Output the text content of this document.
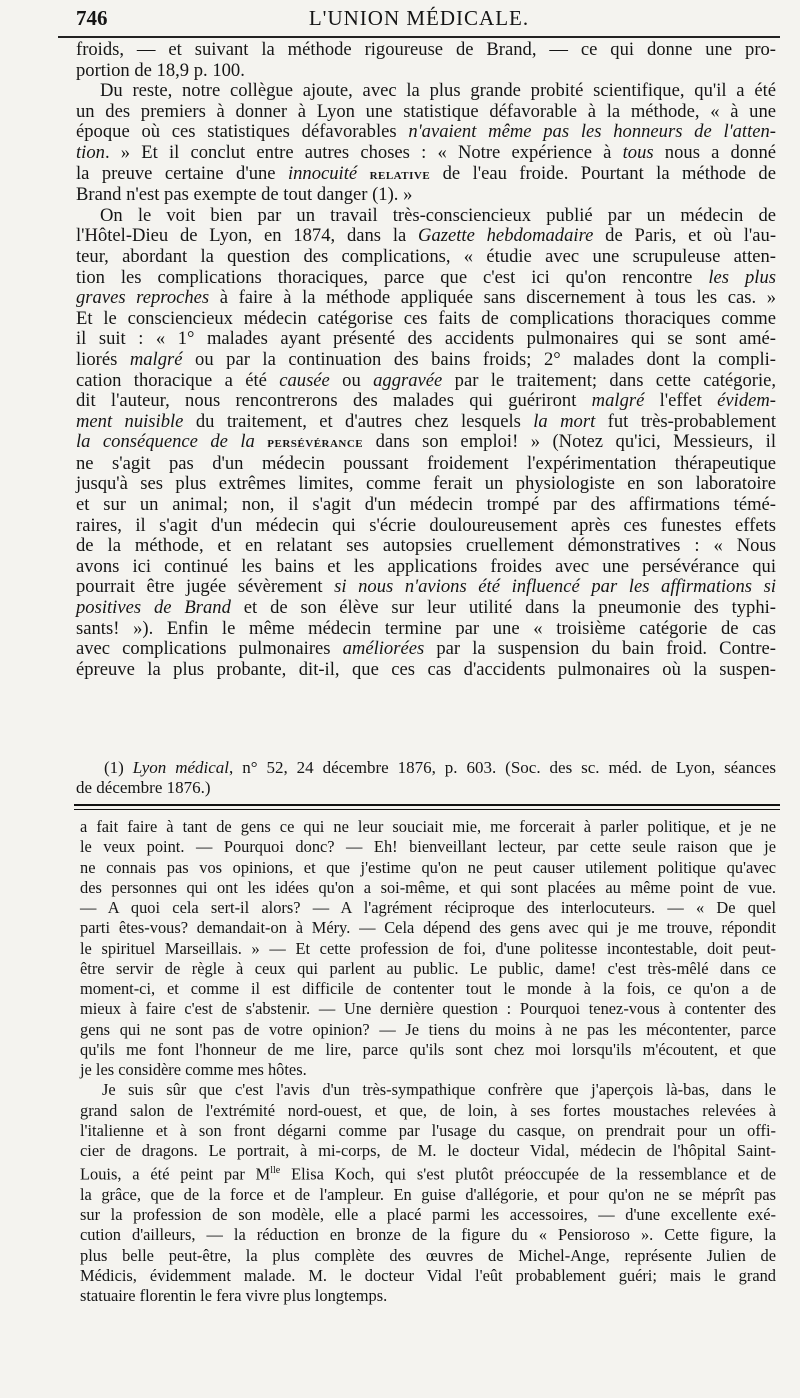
746	L'UNION MÉDICALE.
froids, — et suivant la méthode rigoureuse de Brand, — ce qui donne une pro-
portion de 18,9 p. 100.
Du reste, notre collègue ajoute, avec la plus grande probité scientifique, qu'il a été
un des premiers à donner à Lyon une statistique défavorable à la méthode, « à une
époque où ces statistiques défavorables n'avaient même pas les honneurs de l'atten-
tion. » Et il conclut entre autres choses : « Notre expérience à tous nous a donné
la preuve certaine d'une innocuité relative de l'eau froide. Pourtant la méthode de
Brand n'est pas exempte de tout danger (1). »
On le voit bien par un travail très-consciencieux publié par un médecin de
l'Hôtel-Dieu de Lyon, en 1874, dans la Gazette hebdomadaire de Paris, et où l'au-
teur, abordant la question des complications, « étudie avec une scrupuleuse atten-
tion les complications thoraciques, parce que c'est ici qu'on rencontre les plus
graves reproches à faire à la méthode appliquée sans discernement à tous les cas. »
Et le consciencieux médecin catégorise ces faits de complications thoraciques comme
il suit : « 1° malades ayant présenté des accidents pulmonaires qui se sont amé-
liorés malgré ou par la continuation des bains froids; 2° malades dont la compli-
cation thoracique a été causée ou aggravée par le traitement; dans cette catégorie,
dit l'auteur, nous rencontrerons des malades qui guériront malgré l'effet évidem-
ment nuisible du traitement, et d'autres chez lesquels la mort fut très-probablement
la conséquence de la persévérance dans son emploi! » (Notez qu'ici, Messieurs, il
ne s'agit pas d'un médecin poussant froidement l'expérimentation thérapeutique
jusqu'à ses plus extrêmes limites, comme ferait un physiologiste en son laboratoire
et sur un animal; non, il s'agit d'un médecin trompé par des affirmations témé-
raires, il s'agit d'un médecin qui s'écrie douloureusement après ces funestes effets
de la méthode, et en relatant ses autopsies cruellement démonstratives : « Nous
avons ici continué les bains et les applications froides avec une persévérance qui
pourrait être jugée sévèrement si nous n'avions été influencé par les affirmations si
positives de Brand et de son élève sur leur utilité dans la pneumonie des typhi-
sants! »). Enfin le même médecin termine par une « troisième catégorie de cas
avec complications pulmonaires améliorées par la suspension du bain froid. Contre-
épreuve la plus probante, dit-il, que ces cas d'accidents pulmonaires où la suspen-
(1) Lyon médical, n° 52, 24 décembre 1876, p. 603. (Soc. des sc. méd. de Lyon, séances
de décembre 1876.)
a fait faire à tant de gens ce qui ne leur souciait mie, me forcerait à parler politique, et je ne
le veux point. — Pourquoi donc? — Eh! bienveillant lecteur, par cette seule raison que je
ne connais pas vos opinions, et que j'estime qu'on ne peut causer utilement politique qu'avec
des personnes qui ont les idées qu'on a soi-même, et qui sont placées au même point de vue.
— A quoi cela sert-il alors? — A l'agrément réciproque des interlocuteurs. — « De quel
parti êtes-vous? demandait-on à Méry. — Cela dépend des gens avec qui je me trouve, répondit
le spirituel Marseillais. » — Et cette profession de foi, d'une politesse incontestable, doit peut-
être servir de règle à ceux qui parlent au public. Le public, dame! c'est très-mêlé dans ce
moment-ci, et comme il est difficile de contenter tout le monde à la fois, ce qu'on a de
mieux à faire c'est de s'abstenir. — Une dernière question : Pourquoi tenez-vous à contenter des
gens qui ne sont pas de votre opinion? — Je tiens du moins à ne pas les mécontenter, parce
qu'ils me font l'honneur de me lire, parce qu'ils sont chez moi lorsqu'ils m'écoutent, et que
je les considère comme mes hôtes.
Je suis sûr que c'est l'avis d'un très-sympathique confrère que j'aperçois là-bas, dans le
grand salon de l'extrémité nord-ouest, et que, de loin, à ses fortes moustaches relevées à
l'italienne et à son front dégarni comme par l'usage du casque, on prendrait pour un offi-
cier de dragons. Le portrait, à mi-corps, de M. le docteur Vidal, médecin de l'hôpital Saint-
Louis, a été peint par $M^{lle}$ Elisa Koch, qui s'est plutôt préoccupée de la ressemblance et de
la grâce, que de la force et de l'ampleur. En guise d'allégorie, et pour qu'on ne se méprît pas
sur la profession de son modèle, elle a placé parmi les accessoires, — d'une excellente exé-
cution d'ailleurs, — la réduction en bronze de la figure du « Pensioroso ». Cette figure, la
plus belle peut-être, la plus complète des œuvres de Michel-Ange, représente Julien de
Médicis, évidemment malade. M. le docteur Vidal l'eût probablement guéri; mais le grand
statuaire florentin le fera vivre plus longtemps.
